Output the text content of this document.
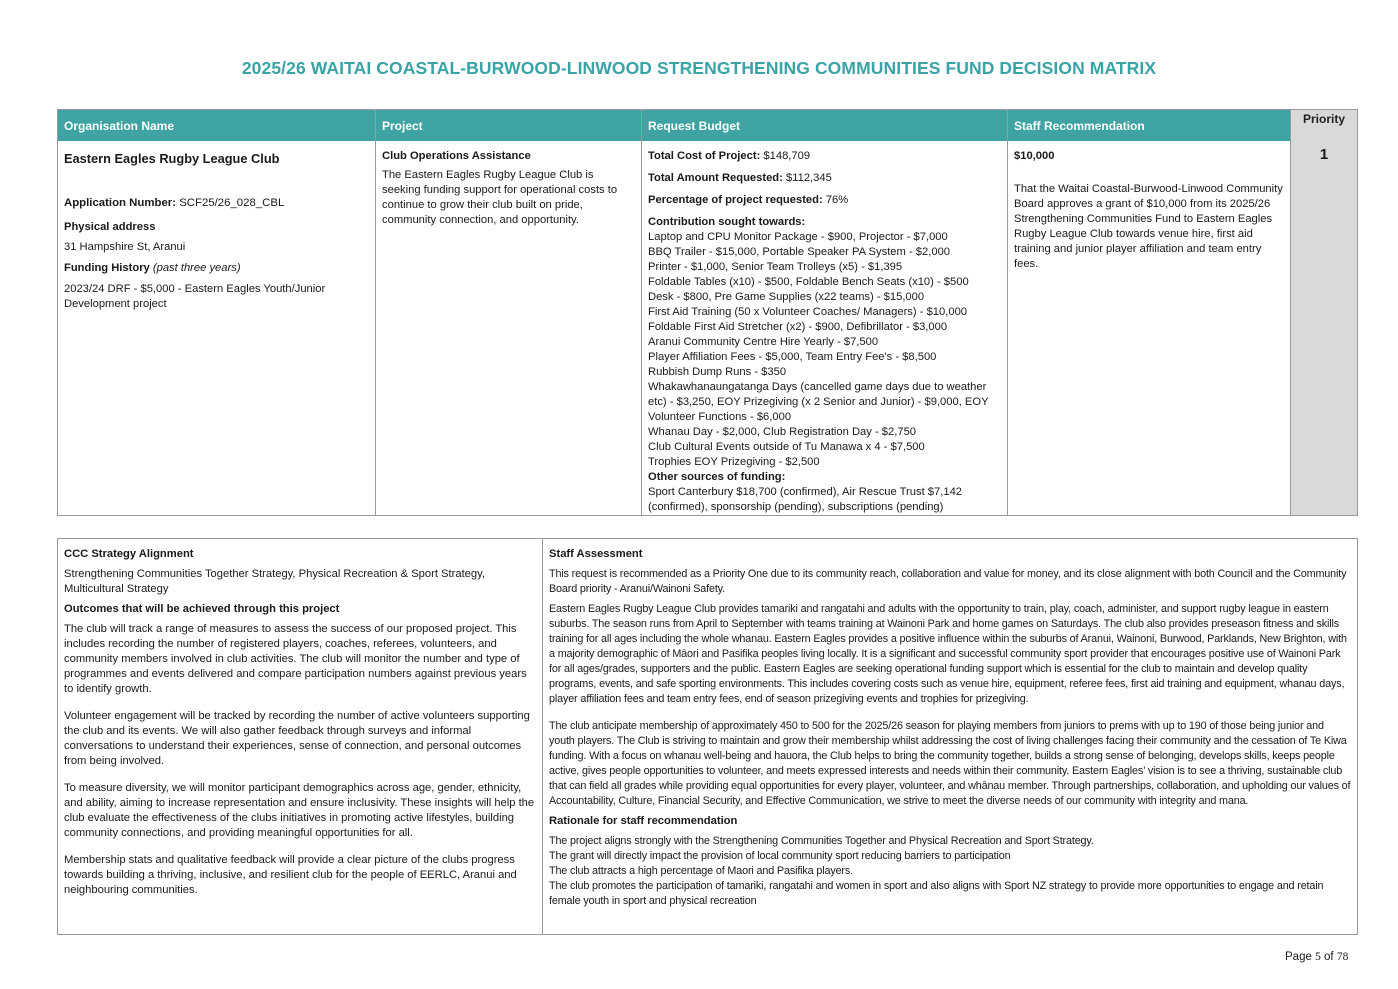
2025/26 WAITAI COASTAL-BURWOOD-LINWOOD STRENGTHENING COMMUNITIES FUND DECISION MATRIX
Organisation Name
Eastern Eagles Rugby League Club
Application Number: SCF25/26_028_CBL
Physical address
31 Hampshire St, Aranui
Funding History (past three years)
2023/24 DRF - $5,000 - Eastern Eagles Youth/Junior Development project
Project
Club Operations Assistance
The Eastern Eagles Rugby League Club is seeking funding support for operational costs to continue to grow their club built on pride, community connection, and opportunity.
Request Budget
Total Cost of Project: $148,709
Total Amount Requested: $112,345
Percentage of project requested: 76%
Contribution sought towards:
Laptop and CPU Monitor Package - $900, Projector - $7,000
BBQ Trailer - $15,000, Portable Speaker PA System - $2,000
Printer - $1,000, Senior Team Trolleys (x5) - $1,395
Foldable Tables (x10) - $500, Foldable Bench Seats (x10) - $500
Desk - $800, Pre Game Supplies (x22 teams) - $15,000
First Aid Training (50 x Volunteer Coaches/ Managers) - $10,000
Foldable First Aid Stretcher (x2) - $900, Defibrillator - $3,000
Aranui Community Centre Hire Yearly - $7,500
Player Affiliation Fees - $5,000, Team Entry Fee's - $8,500
Rubbish Dump Runs - $350
Whakawhanaungatanga Days (cancelled game days due to weather etc) - $3,250, EOY Prizegiving (x 2 Senior and Junior) - $9,000, EOY Volunteer Functions - $6,000
Whanau Day - $2,000, Club Registration Day - $2,750
Club Cultural Events outside of Tu Manawa x 4 - $7,500
Trophies EOY Prizegiving - $2,500
Other sources of funding:
Sport Canterbury $18,700 (confirmed), Air Rescue Trust $7,142 (confirmed), sponsorship (pending), subscriptions (pending)
Staff Recommendation
$10,000
That the Waitai Coastal-Burwood-Linwood Community Board approves a grant of $10,000 from its 2025/26 Strengthening Communities Fund to Eastern Eagles Rugby League Club towards venue hire, first aid training and junior player affiliation and team entry fees.
Priority
1
CCC Strategy Alignment
Strengthening Communities Together Strategy, Physical Recreation & Sport Strategy, Multicultural Strategy
Outcomes that will be achieved through this project
The club will track a range of measures to assess the success of our proposed project. This includes recording the number of registered players, coaches, referees, volunteers, and community members involved in club activities. The club will monitor the number and type of programmes and events delivered and compare participation numbers against previous years to identify growth.
Volunteer engagement will be tracked by recording the number of active volunteers supporting the club and its events. We will also gather feedback through surveys and informal conversations to understand their experiences, sense of connection, and personal outcomes from being involved.
To measure diversity, we will monitor participant demographics across age, gender, ethnicity, and ability, aiming to increase representation and ensure inclusivity. These insights will help the club evaluate the effectiveness of the clubs initiatives in promoting active lifestyles, building community connections, and providing meaningful opportunities for all.
Membership stats and qualitative feedback will provide a clear picture of the clubs progress towards building a thriving, inclusive, and resilient club for the people of EERLC, Aranui and neighbouring communities.
Staff Assessment
This request is recommended as a Priority One due to its community reach, collaboration and value for money, and its close alignment with both Council and the Community Board priority - Aranui/Wainoni Safety.
Eastern Eagles Rugby League Club provides tamariki and rangatahi and adults with the opportunity to train, play, coach, administer, and support rugby league in eastern suburbs. The season runs from April to September with teams training at Wainoni Park and home games on Saturdays. The club also provides preseason fitness and skills training for all ages including the whole whanau. Eastern Eagles provides a positive influence within the suburbs of Aranui, Wainoni, Burwood, Parklands, New Brighton, with a majority demographic of Māori and Pasifika peoples living locally. It is a significant and successful community sport provider that encourages positive use of Wainoni Park for all ages/grades, supporters and the public. Eastern Eagles are seeking operational funding support which is essential for the club to maintain and develop quality programs, events, and safe sporting environments. This includes covering costs such as venue hire, equipment, referee fees, first aid training and equipment, whanau days, player affiliation fees and team entry fees, end of season prizegiving events and trophies for prizegiving.
The club anticipate membership of approximately 450 to 500 for the 2025/26 season for playing members from juniors to prems with up to 190 of those being junior and youth players. The Club is striving to maintain and grow their membership whilst addressing the cost of living challenges facing their community and the cessation of Te Kiwa funding. With a focus on whanau well-being and hauora, the Club helps to bring the community together, builds a strong sense of belonging, develops skills, keeps people active, gives people opportunities to volunteer, and meets expressed interests and needs within their community. Eastern Eagles’ vision is to see a thriving, sustainable club that can field all grades while providing equal opportunities for every player, volunteer, and whānau member. Through partnerships, collaboration, and upholding our values of Accountability, Culture, Financial Security, and Effective Communication, we strive to meet the diverse needs of our community with integrity and mana.
Rationale for staff recommendation
The project aligns strongly with the Strengthening Communities Together and Physical Recreation and Sport Strategy.
The grant will directly impact the provision of local community sport reducing barriers to participation
The club attracts a high percentage of Maori and Pasifika players.
The club promotes the participation of tamariki, rangatahi and women in sport and also aligns with Sport NZ strategy to provide more opportunities to engage and retain female youth in sport and physical recreation
Page 5 of 78
